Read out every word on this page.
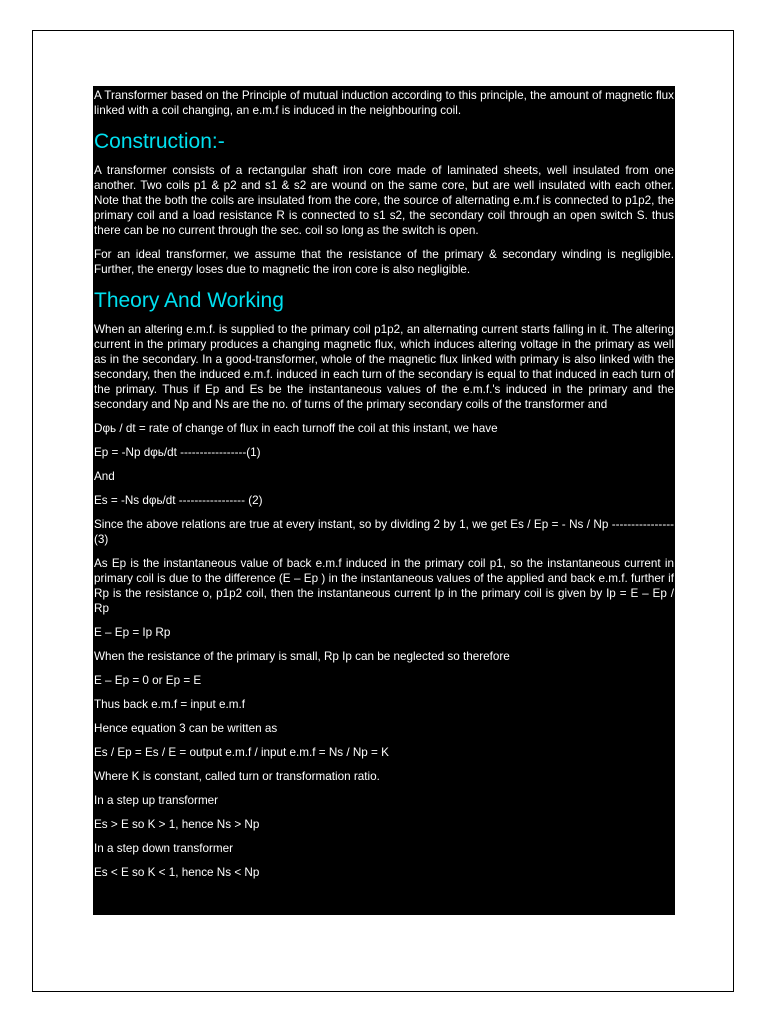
A Transformer based on the Principle of mutual induction according to this principle, the amount of magnetic flux linked with a coil changing, an e.m.f is induced in the neighbouring coil.

Construction:-

A transformer consists of a rectangular shaft iron core made of laminated sheets, well insulated from one another. Two coils p1 & p2 and s1 & s2 are wound on the same core, but are well insulated with each other. Note that the both the coils are insulated from the core, the source of alternating e.m.f is connected to p1p2, the primary coil and a load resistance R is connected to s1 s2, the secondary coil through an open switch S. thus there can be no current through the sec. coil so long as the switch is open.

For an ideal transformer, we assume that the resistance of the primary & secondary winding is negligible. Further, the energy loses due to magnetic the iron core is also negligible.

Theory And Working

When an altering e.m.f. is supplied to the primary coil p1p2, an alternating current starts falling in it. The altering current in the primary produces a changing magnetic flux, which induces altering voltage in the primary as well as in the secondary. In a good-transformer, whole of the magnetic flux linked with primary is also linked with the secondary, then the induced e.m.f. induced in each turn of the secondary is equal to that induced in each turn of the primary. Thus if Ep and Es be the instantaneous values of the e.m.f.'s induced in the primary and the secondary and Np and Ns are the no. of turns of the primary secondary coils of the transformer and

Dφь / dt = rate of change of flux in each turnoff the coil at this instant, we have

Ep = -Np dφь/dt -----------------(1)

And

Es = -Ns dφь/dt ----------------- (2)

Since the above relations are true at every instant, so by dividing 2 by 1, we get Es / Ep = - Ns / Np ----------------(3)

As Ep is the instantaneous value of back e.m.f induced in the primary coil p1, so the instantaneous current in primary coil is due to the difference (E – Ep ) in the instantaneous values of the applied and back e.m.f. further if Rp is the resistance o, p1p2 coil, then the instantaneous current Ip in the primary coil is given by Ip = E – Ep / Rp

E – Ep = Ip Rp

When the resistance of the primary is small, Rp Ip can be neglected so therefore

E – Ep = 0 or Ep = E

Thus back e.m.f = input e.m.f

Hence equation 3 can be written as

Es / Ep = Es / E = output e.m.f / input e.m.f = Ns / Np = K

Where K is constant, called turn or transformation ratio.

In a step up transformer

Es > E so K > 1, hence Ns > Np

In a step down transformer

Es < E so K < 1, hence Ns < Np
